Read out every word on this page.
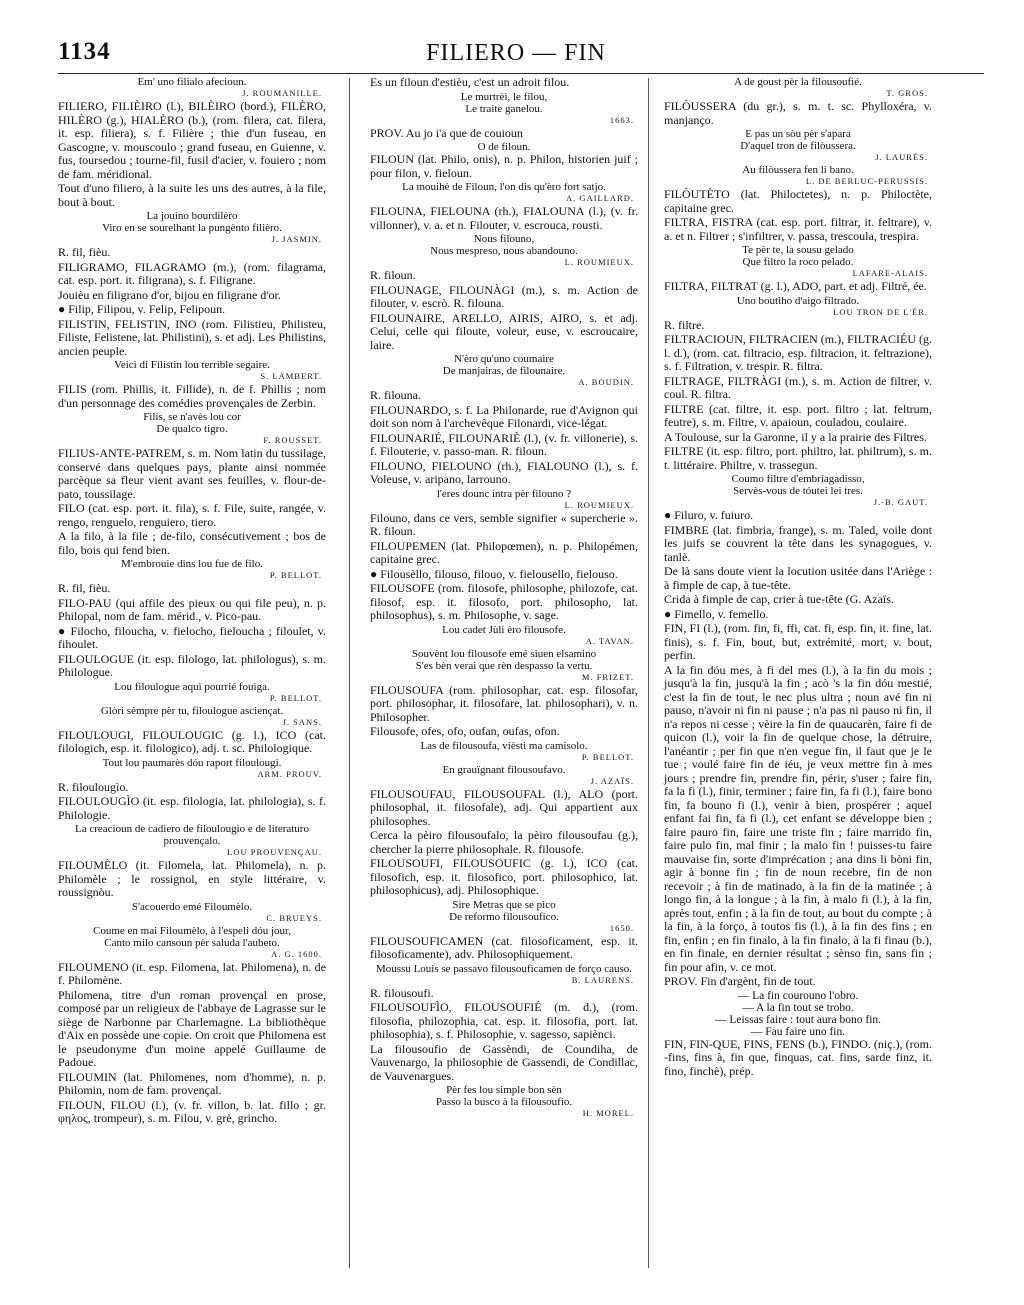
1134	FILIERO — FIN

Em' uno filialo afecioun.

J. ROUMANILLE.

FILIERO, FILIÈIRO (l.), BILÈIRO (bord.), FILÈRO, HILÈRO (g.), HIALÈRO (b.), (rom. filera, cat. filera, it. esp. filiera), s. f. Filière ; thie d'un fuseau, en Gascogne, v. mouscoulo ; grand fuseau, en Guienne, v. fus, toursedou ; tourne-fil, fusil d'acier, v. fouiero ; nom de fam. méridional.

Tout d'uno filiero, à la suite les uns des autres, à la file, bout à bout.

La jouino bourdilèro

Viro en se sourelhant la pungènto filièro.

J. JASMIN.

R. fil, fièu.

FILIGRAMO, FILAGRAMO (m.), (rom. filagrama, cat. esp. port. it. filigrana), s. f. Filigrane.

Jouièu en filigrano d'or, bijou en filigrane d'or.

● Filip, Filipou, v. Felip, Felipoun.

FILISTIN, FELISTIN, INO (rom. Filistieu, Philisteu, Filiste, Felistene, lat. Philistini), s. et adj. Les Philistins, ancien peuple.

Veici di Filistin lou terrible segaire.

S. LAMBERT.

FILIS (rom. Phillis, it. Fillide), n. de f. Phillis ; nom d'un personnage des comédies provençales de Zerbin.

Filis, se n'avès lou cor

De qualco tigro.

F. ROUSSET.

FILIUS-ANTE-PATREM, s. m. Nom latin du tussilage, conservé dans quelques pays, plante ainsi nommée parcèque sa fleur vient avant ses feuilles, v. flour-de-pato, toussilage.

FILO (cat. esp. port. it. fila), s. f. File, suite, rangée, v. rengo, renguelo, renguiero, tiero.

A la filo, à la file ; de-filo, consécutivement ; bos de filo, bois qui fend bien.

M'embrouie dins lou fue de filo.

P. BELLOT.

R. fil, fièu.

FILO-PAU (qui affile des pieux ou qui file peu), n. p. Philopal, nom de fam. mérid., v. Pico-pau.

● Filocho, filoucha, v. fielocho, fieloucha ; filoulet, v. fihoulet.

FILOULOGUE (it. esp. filologo, lat. philologus), s. m. Philologue.

Lou filoulogue aquì pourrié fouiga.

P. BELLOT.

Glòri sèmpre pèr tu, filoulogue asciençat.

J. SANS.

FILOULOUGI, FILOULOUGIC (g. l.), ICO (cat. filologich, esp. it. filologico), adj. t. sc. Philologique.

Tout lou paumarès dóu raport filoulougi.

ARM. PROUV.

R. filoulougìo.

FILOULOUGÌO (it. esp. filologia, lat. philologia), s. f. Philologie.

La creacioun de cadiero de filoulougìo e de literaturo prouvençalo.

LOU PROUVENÇAU.

FILOUMÈLO (it. Filomela, lat. Philomela), n. p. Philomèle ; le rossignol, en style littéraire, v. roussignòu.

S'acouerdo emé Filoumèlo.

C. BRUEYS.

Coume en mai Filoumèlo, à l'espeli dóu jour,

Canto milo cansoun pèr saluda l'aubeto.

A. G. 1600.

FILOUMENO (it. esp. Filomena, lat. Philomena), n. de f. Philomène.

Philomena, titre d'un roman provençal en prose, composé par un religieux de l'abbaye de Lagrasse sur le siège de Narbonne par Charlemagne. La bibliothèque d'Aix en possède une copie. On croit que Philomena est le pseudonyme d'un moine appelé Guillaume de Padoue.

FILOUMIN (lat. Philomenes, nom d'homme), n. p. Philomin, nom de fam. provençal.

FILOUN, FILOU (l.), (v. fr. villon, b. lat. fillo ; gr. φηλος, trompeur), s. m. Filou, v. grè, grincho.

Es un filoun d'estièu, c'est un adroit filou.

Le murtrèi, le filou,

Le traite ganelou.

1663.

PROV. Au jo i'a que de couioun

O de filoun.

FILOUN (lat. Philo, onis), n. p. Philon, historien juif ; pour filon, v. fieloun.

La mouihè de Filoun, l'on dis qu'èro fort satjo.

A. GAILLARD.

FILOUNA, FIELOUNA (rh.), FIALOUNA (l.), (v. fr. villonner), v. a. et n. Filouter, v. escrouca, rousti.

Nous filouno,

Nous mespreso, nous abandouno.

L. ROUMIEUX.

R. filoun.

FILOUNAGE, FILOUNÀGI (m.), s. m. Action de filouter, v. escrò. R. filouna.

FILOUNAIRE, ARELLO, AIRIS, AIRO, s. et adj. Celui, celle qui filoute, voleur, euse, v. escroucaire, laire.

N'èro qu'uno coumaire

De manjairas, de filounaire.

A. BOUDIN.

R. filouna.

FILOUNARDO, s. f. La Philonarde, rue d'Avignon qui doit son nom à l'archevêque Filonardi, vice-légat.

FILOUNARIÉ, FILOUNARIÈ (l.), (v. fr. villonerie), s. f. Filouterie, v. passo-man. R. filoun.

FILOUNO, FIELOUNO (rh.), FIALOUNO (l.), s. f. Voleuse, v. aripano, larrouno.

l'eres dounc intra pèr filouno ?

L. ROUMIEUX.

Filouno, dans ce vers, semble signifier « supercherie ». R. filoun.

FILOUPEMEN (lat. Philopœmen), n. p. Philopémen, capitaine grec.

● Filousèllo, filouso, filouo, v. fielousello, fielouso.

FILOUSOFE (rom. filosofe, philosophe, philozofe, cat. filosof, esp. it. filosofo, port. philosopho, lat. philosophus), s. m. Philosophe, v. sage.

Lou cadet Jùli èro filousofe.

A. TAVAN.

Souvènt lou filousofe emé siuen elsamino

S'es bèn verai que rèn despasso la vertu.

M. FRIZET.

FILOUSOUFA (rom. philosophar, cat. esp. filosofar, port. philosophar, it. filosofare, lat. philosophari), v. n. Philosopher.

Filousofe, ofes, ofo, oufan, oufas, ofon.

Las de filousoufa, vièsti ma camisolo.

P. BELLOT.

En grauïgnant filousoufavo.

J. AZAÏS.

FILOUSOUFAU, FILOUSOUFAL (l.), ALO (port. philosophal, it. filosofale), adj. Qui appartient aux philosophes.

Cerca la pèiro filousoufalo, la pèiro filousoufau (g.), chercher la pierre philosophale. R. filousofe.

FILOUSOUFI, FILOUSOUFIC (g. l.), ICO (cat. filosofich, esp. it. filosofico, port. philosophico, lat. philosophicus), adj. Philosophique.

Sire Metras que se pico

De reformo filousoufico.

1650.

FILOUSOUFICAMEN (cat. filosoficament, esp. it. filosoficamente), adv. Philosophiquement.

Moussu Louis se passavo filousouficamen de forço causo.

B. LAURENS.

R. filousoufi.

FILOUSOUFÌO, FILOUSOUFIÉ (m. d.), (rom. filosofia, philozophia, cat. esp. it. filosofia, port. lat. philosophia), s. f. Philosophie, v. sagesso, sapiènci.

La filousoufio de Gassèndi, de Coundiha, de Vauvenargo, la philosophie de Gassendi, de Condillac, de Vauvenargues.

Pèr fes lou simple bon sèn

Passo la busco à la filousoufio.

H. MOREL.

A de goust pèr la filousoufìé.

T. GROS.

FILÒUSSERA (du gr.), s. m. t. sc. Phylloxéra, v. manjanço.

E pas un sòu pèr s'apara

D'aquel tron de filòussera.

J. LAURÈS.

Au filòussera fen li bano.

L. DE BERLUC-PERUSSIS.

FILÒUTÈTO (lat. Philoctetes), n. p. Philoctète, capitaine grec.

FILTRA, FISTRA (cat. esp. port. filtrar, it. feltrare), v. a. et n. Filtrer ; s'infiltrer, v. passa, trescoula, trespira.

Te pèr te, la sousu gelado

Que filtro la roco pelado.

LAFARE-ALAIS.

FILTRA, FILTRAT (g. l.), ADO, part. et adj. Filtré, ée.

Uno boutiho d'aigo filtrado.

LOU TRON DE L'ÈR.

R. filtre.

FILTRACIOUN, FILTRACIEN (m.), FILTRACIÉU (g. l. d.), (rom. cat. filtracio, esp. filtracion, it. feltrazione), s. f. Filtration, v. trespir. R. filtra.

FILTRAGE, FILTRÀGI (m.), s. m. Action de filtrer, v. coul. R. filtra.

FILTRE (cat. filtre, it. esp. port. filtro ; lat. feltrum, feutre), s. m. Filtre, v. apaioun, couladou, coulaire.

A Toulouse, sur la Garonne, il y a la prairie des Filtres.

FILTRE (it. esp. filtro, port. philtro, lat. philtrum), s. m. t. littéraire. Philtre, v. trassegun.

Coumo filtre d'embriagadisso,

Servès-vous de tóutei lei tres.

J.-B. GAUT.

● Filuro, v. fuiuro.

FIMBRE (lat. fimbria, frange), s. m. Taled, voile dont les juifs se couvrent la tête dans les synagogues, v. tanlè.

De là sans doute vient la locution usitée dans l'Ariège : à fimple de cap, à tue-tête.

Crida à fimple de cap, crier à tue-tête (G. Azaïs.

● Fimello, v. femello.

FIN, FI (l.), (rom. fin, fi, ffi, cat. fi, esp. fin, it. fine, lat. finis), s. f. Fin, bout, but, extrémité, mort, v. bout, perfin.

A la fin dóu mes, à fi del mes (l.), à la fin du mois ; jusqu'à la fin, jusqu'à la fin ; acò 's la fin dóu mestié, c'est la fin de tout, le nec plus ultra ; noun avé fin ni pauso, n'avoir ni fin ni pause ; n'a pas ni pauso ni fin, il n'a repos ni cesse ; vèire la fin de quaucarèn, faire fi de quicon (l.), voir la fin de quelque chose, la détruire, l'anéantir ; per fin que n'en vegue fin, il faut que je le tue ; voulé faire fin de iéu, je veux mettre fin à mes jours ; prendre fin, prendre fin, périr, s'user ; faire fin, fa la fi (l.), finir, terminer ; faire fin, fa fi (l.), faire bono fin, fa bouno fi (l.), venir à bien, prospérer ; aquel enfant fai fin, fa fi (l.), cet enfant se développe bien ; faire pauro fin, faire une triste fin ; faire marrido fin, faire pulo fin, mal finir ; la malo fin ! puisses-tu faire mauvaise fin, sorte d'imprécation ; ana dins li bòni fin, agir à bonne fin ; fin de noun recebre, fin de non recevoir ; à fin de matinado, à la fin de la matinée ; à longo fin, à la longue ; à la fin, à malo fi (l.), à la fin, après tout, enfin ; à la fin de tout, au bout du compte ; à la fin, à la forço, à toutos fis (l.), à la fin des fins ; en fin, enfin ; en fin finalo, à la fin finalo, à la fi finau (b.), en fin finale, en dernier résultat ; sènso fin, sans fin ; fin pour afin, v. ce mot.

PROV. Fin d'argènt, fin de tout.

— La fin courouno l'obro.

— A la fin tout se trobo.

— Leissas faire : tout aura bono fin.

— Fau faire uno fin.

FIN, FIN-QUE, FINS, FENS (b.), FINDO. (niç.), (rom. -fins, fins à, fin que, finquas, cat. fins, sarde finz, it. fino, finchè), prép.
